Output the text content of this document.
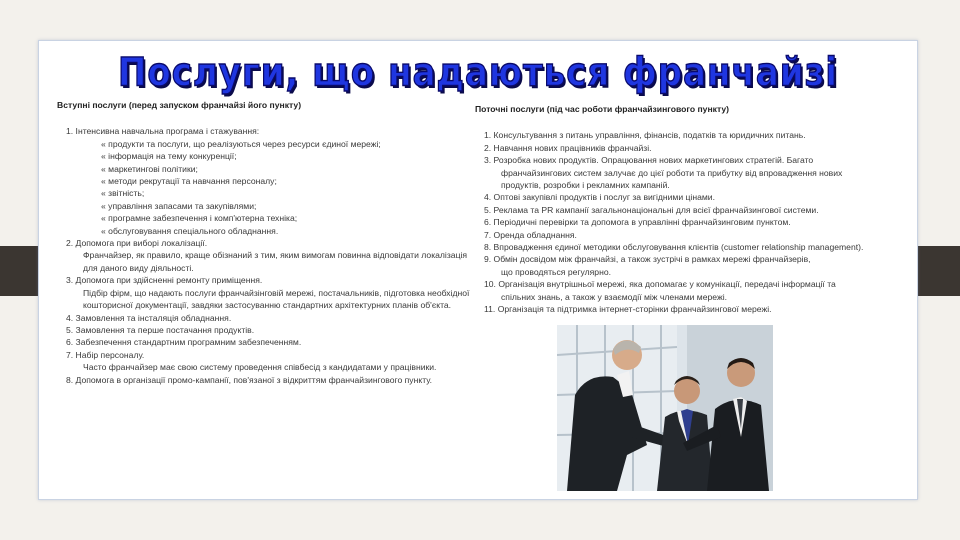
Послуги, що надаються франчайзі
Вступні послуги (перед запуском франчайзі його пункту)
1. Інтенсивна навчальна програма і стажування:
« продукти та послуги, що реалізуються через ресурси єдиної мережі;
« інформація на тему конкуренції;
« маркетингові політики;
« методи рекрутації та навчання персоналу;
« звітність;
« управління запасами та закупівлями;
« програмне забезпечення і комп'ютерна техніка;
« обслуговування спеціального обладнання.
2. Допомога при виборі локалізації.
Франчайзер, як правило, краще обізнаний з тим, яким вимогам повинна відповідати локалізація
для даного виду діяльності.
3. Допомога при здійсненні ремонту приміщення.
Підбір фірм, що надають послуги франчайзінговій мережі, постачальників, підготовка необхідної
кошторисної документації, завдяки застосуванню стандартних архітектурних планів об'єкта.
4. Замовлення та інсталяція обладнання.
5. Замовлення та перше постачання продуктів.
6. Забезпечення стандартним програмним забезпеченням.
7. Набір персоналу.
Часто франчайзер має свою систему проведення співбесід з кандидатами у працівники.
8. Допомога в організації промо-кампанії, пов'язаної з відкриттям франчайзингового пункту.
Поточні послуги (під час роботи франчайзингового пункту)
1. Консультування з питань управління, фінансів, податків та юридичних питань.
2. Навчання нових працівників франчайзі.
3. Розробка нових продуктів. Опрацювання нових маркетингових стратегій. Багато
франчайзингових систем залучає до цієї роботи та прибутку від впровадження нових
продуктів, розробки і рекламних кампаній.
4. Оптові закупівлі продуктів і послуг за вигідними цінами.
5. Реклама та PR кампанії загальнонаціональні для всієї франчайзингової системи.
6. Періодичні перевірки та допомога в управлінні франчайзинговим пунктом.
7. Оренда обладнання.
8. Впровадження єдиної методики обслуговування клієнтів (customer relationship management).
9. Обмін досвідом між франчайзі, а також зустрічі в рамках мережі франчайзерів,
що проводяться регулярно.
10. Організація внутрішньої мережі, яка допомагає у комунікації, передачі інформації та
спільних знань, а також у взаємодії між членами мережі.
11. Організація та підтримка інтернет-сторінки франчайзингової мережі.
